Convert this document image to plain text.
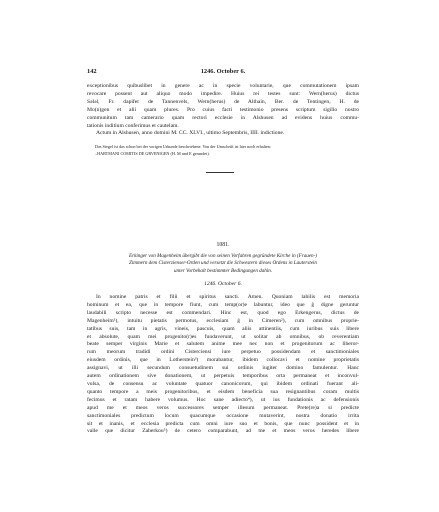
142	1246. October 6.
exceptionibus quibuslibet in genere ac in specie voluntarie, que commutationem ipsam
revocare possent aut aliquo modo impedire. Huius rei testes sunt: Wern(herus) dictus
Sələl, Fr. dapifer de Tannenvels, Wern(herus) de Althain, Ber. de Tentingen, H. de
Mo(n)gen et alii quam plures. Pro cuius facti testimonio presens scriptum sigillo nostro
communitum tam camerario quam rectori ecclesie in Alshusen ad evidens huius commu-
tationis inditium conferimus et cautelam.
Actum in Alshusen, anno domini M. CC. XLVI., ultimo Septembris, IIII. indictione.
Das Siegel ist das schon bei der vorigen Urkunde beschriebene. Von der Umschrift ist hier noch erhalten:
..HARTMANI COMITIS DE GRVENIGEN (H. M und E gerundet).
1081.
Erkinger von Magenheim übergibt die von seinen Vorfahren gegründete Kirche in (Frauen-)
Zimmern dem Cisterzienser-Orden und versetzt die Schwestern dieses Ordens in Lauterstein
unter Vorbehalt bestimmter Bedingungen dahin.
1246. October 6.
In nomine patris et filii et spiritus sancti. Amen. Quoniam labilis est memoria
hominum et ea, que in tempore fiunt, cum temp(or)e labuntur, ideo que ĝ digne geruntur
laudabili scripto necesse est commendari. Hinc est, quod ego Erkengerus, dictus de
Magenheim¹), intuitu pietatis permotus, ecclesiam ĝ in Cimeren²), cum omnibus proprie-
tatibus suis, tam in agris, vineis, pascuis, quam aliis attinentiis, cum iuribus suis libere
et absolute, quam mei progenito(r)es fundaverunt, ut solitar ab omnibus, ob reverentiam
beate semper virginis Marie et salutem anime mee nec non et progenitorum ac liberor-
rum meorum tradidi ordini Cisterciensi iure perpetuo possidendam et sanctimoniales
eiusdem ordinis, que in Lotherstein³) morabantur, ibidem collocavi et nomine proprietatis
assignavi, ut illi secundum consuetudinem sui ordinis iugiter domino famulentur. Hanc
autem ordinationem sive donationem, ut perpetuis temporibus orta permaneat et inconvul-
vulsa, de consensu ac voluntate quatuor canonicorum, qui ibidem ordinati fuerant ali-
quanto tempore a meis progenitoribus, et eisdem beneficia sua resignantibus coram multis
fecimus et ratam habere volumus. Hoc sane adiecto⁴), ut ius fundationis ac defensionis
apud me et meos veros successores semper illesum permaneat. Prete(re)a si predicte
sanctimoniales predictum locum quacumque occasione mutaverint, nostra donatio irrita
sit et inanis, et ecclesia predicta cum omni iure suo et bonis, que nunc possident et in
valle que dicitur Zaberkou⁵) de cetero comparabunt, ad me et meos veros heredes libere
